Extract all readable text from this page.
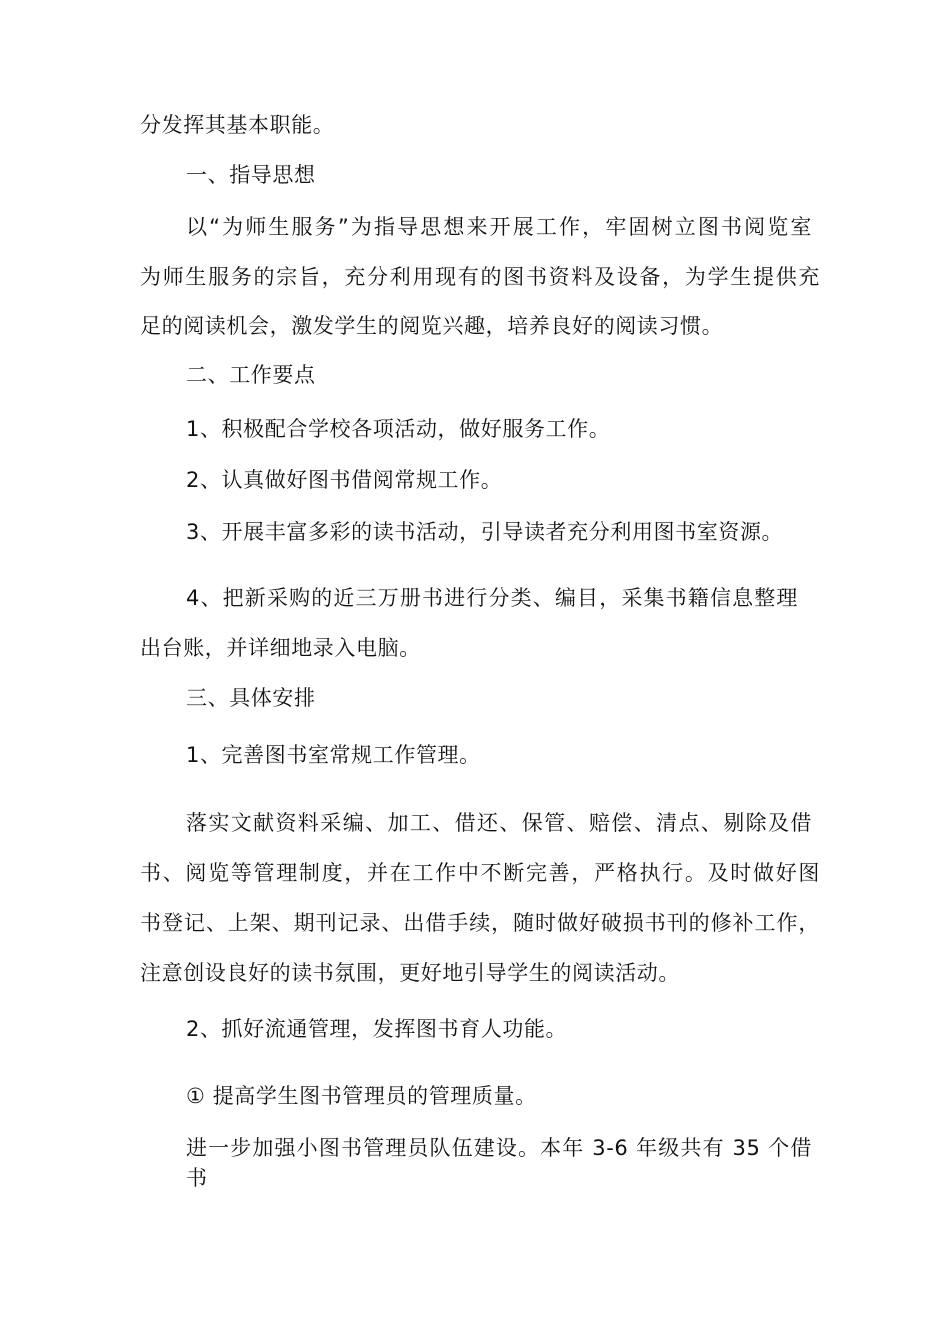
分发挥其基本职能。
一、指导思想
以“为师生服务”为指导思想来开展工作，牢固树立图书阅览室
为师生服务的宗旨，充分利用现有的图书资料及设备，为学生提供充
足的阅读机会，激发学生的阅览兴趣，培养良好的阅读习惯。
二、工作要点
1、积极配合学校各项活动，做好服务工作。
2、认真做好图书借阅常规工作。
3、开展丰富多彩的读书活动，引导读者充分利用图书室资源。
4、把新采购的近三万册书进行分类、编目，采集书籍信息整理
出台账，并详细地录入电脑。
三、具体安排
1、完善图书室常规工作管理。
落实文献资料采编、加工、借还、保管、赔偿、清点、剔除及借
书、阅览等管理制度，并在工作中不断完善，严格执行。及时做好图
书登记、上架、期刊记录、出借手续，随时做好破损书刊的修补工作，
注意创设良好的读书氛围，更好地引导学生的阅读活动。
2、抓好流通管理，发挥图书育人功能。
① 提高学生图书管理员的管理质量。
进一步加强小图书管理员队伍建设。本年 3-6 年级共有 35 个借书
